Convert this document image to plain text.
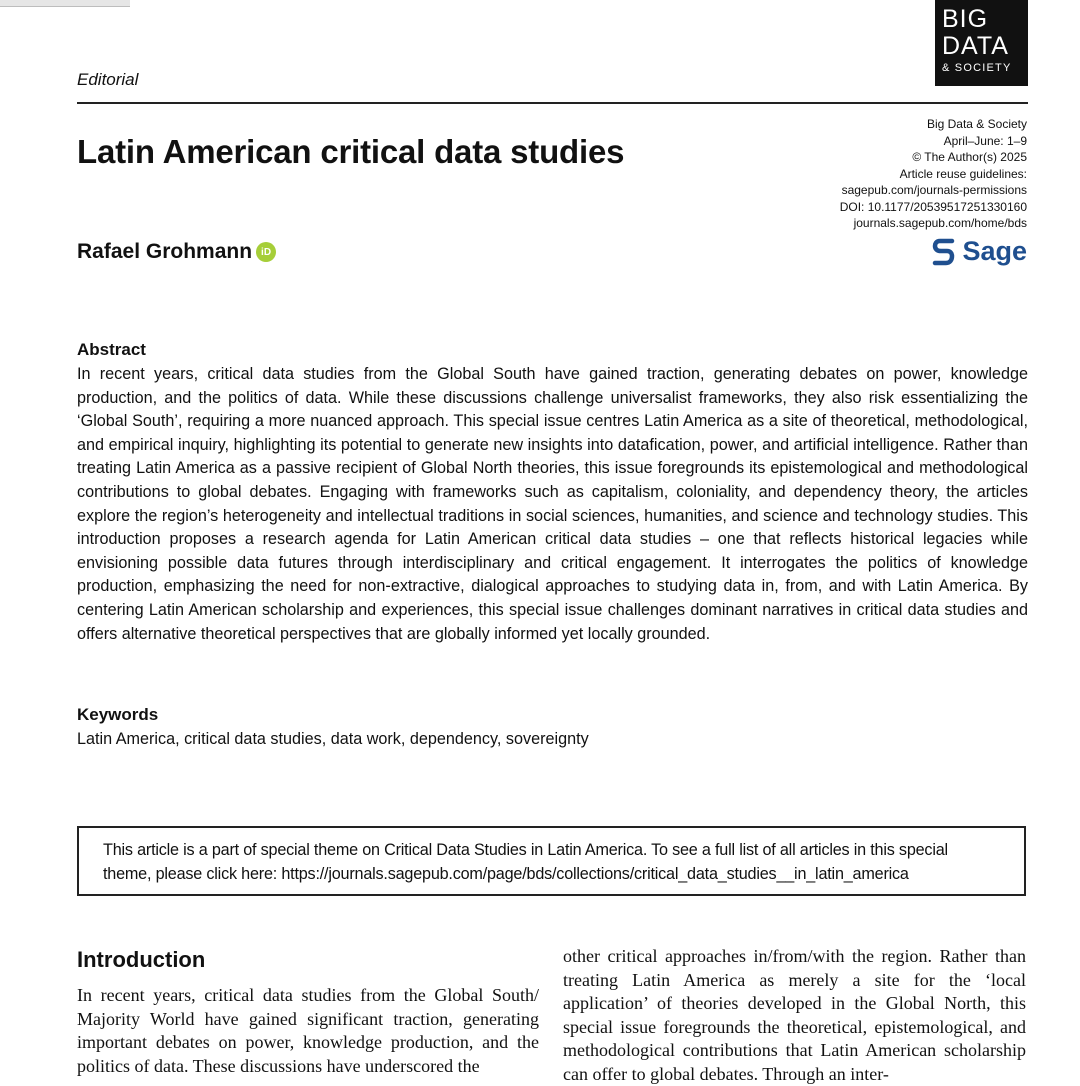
Editorial
BIG
DATA
& SOCIETY
Latin American critical data studies
Big Data & Society
April–June: 1–9
© The Author(s) 2025
Article reuse guidelines:
sagepub.com/journals-permissions
DOI: 10.1177/20539517251330160
journals.sagepub.com/home/bds
Rafael Grohmann iD	Sage
Abstract
In recent years, critical data studies from the Global South have gained traction, generating debates on power, knowledge production, and the politics of data. While these discussions challenge universalist frameworks, they also risk essentializing the ‘Global South’, requiring a more nuanced approach. This special issue centres Latin America as a site of theoretical, methodological, and empirical inquiry, highlighting its potential to generate new insights into datafication, power, and artificial intelligence. Rather than treating Latin America as a passive recipient of Global North theories, this issue foregrounds its epistemological and methodological contributions to global debates. Engaging with frameworks such as capitalism, coloniality, and dependency theory, the articles explore the region’s heterogeneity and intellectual traditions in social sciences, humanities, and science and technology studies. This introduction proposes a research agenda for Latin American critical data studies – one that reflects historical legacies while envisioning possible data futures through interdisciplinary and critical engagement. It interrogates the politics of knowledge production, emphasizing the need for non-extractive, dialogical approaches to studying data in, from, and with Latin America. By centering Latin American scholarship and experiences, this special issue challenges dominant narratives in critical data studies and offers alternative theoretical perspectives that are globally informed yet locally grounded.
Keywords
Latin America, critical data studies, data work, dependency, sovereignty
This article is a part of special theme on Critical Data Studies in Latin America. To see a full list of all articles in this special theme, please click here: https://journals.sagepub.com/page/bds/collections/critical_data_studies__in_latin_america
Introduction

In recent years, critical data studies from the Global South/ Majority World have gained significant traction, generating important debates on power, knowledge production, and the politics of data. These discussions have underscored the

other critical approaches in/from/with the region. Rather than treating Latin America as merely a site for the ‘local application’ of theories developed in the Global North, this special issue foregrounds the theoretical, epistemological, and methodological contributions that Latin American scholarship can offer to global debates. Through an inter-
